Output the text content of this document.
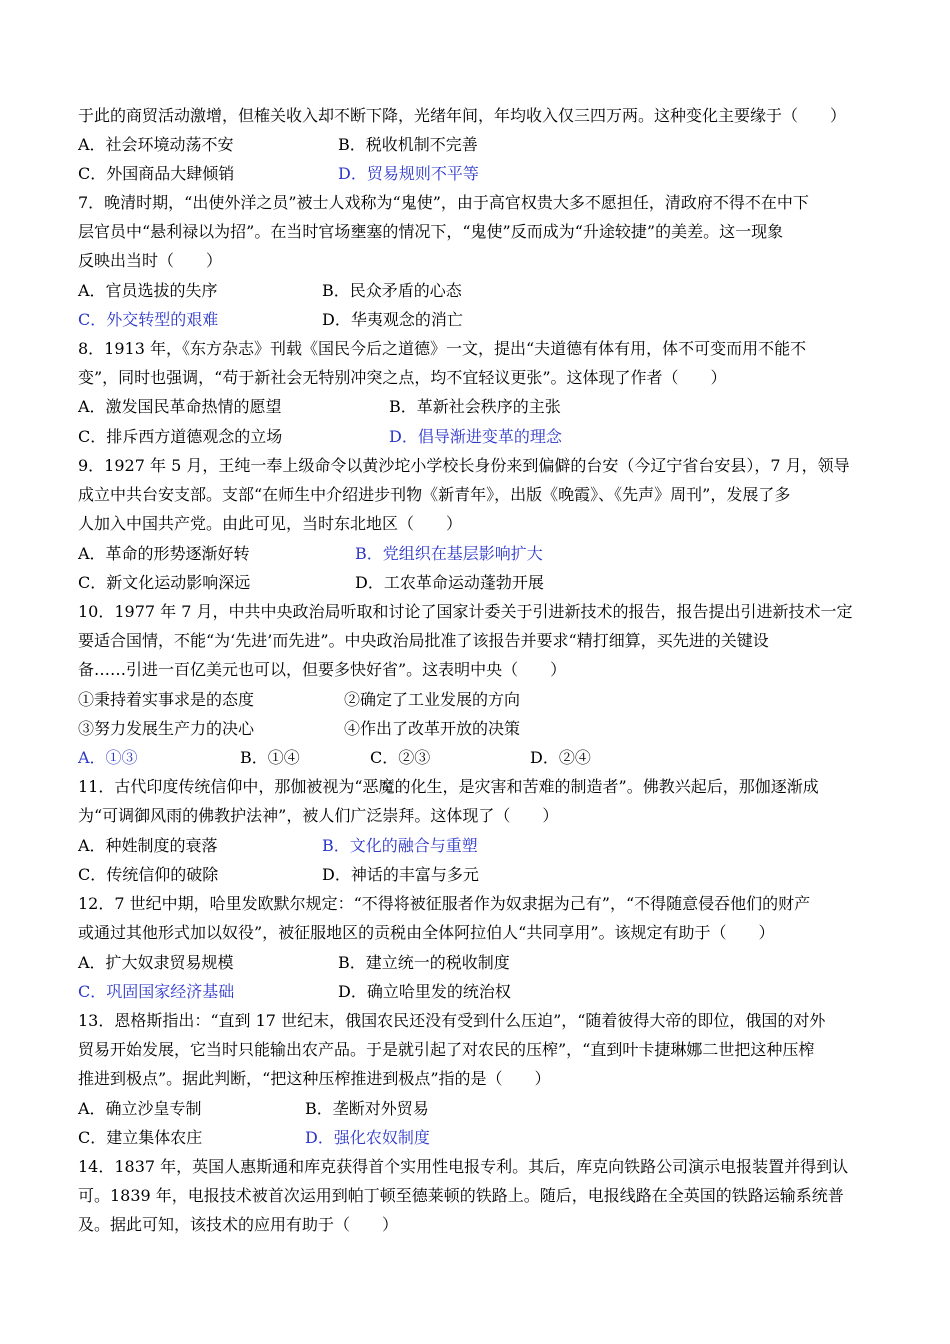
于此的商贸活动激增，但榷关收入却不断下降，光绪年间，年均收入仅三四万两。这种变化主要缘于（　　）
A．社会环境动荡不安	B．税收机制不完善
C．外国商品大肆倾销	D．贸易规则不平等
7．晚清时期，“出使外洋之员”被士人戏称为“鬼使”，由于高官权贵大多不愿担任，清政府不得不在中下
层官员中“悬利禄以为招”。在当时官场壅塞的情况下，“鬼使”反而成为“升途较捷”的美差。这一现象
反映出当时（　　）
A．官员选拔的失序	B．民众矛盾的心态
C．外交转型的艰难	D．华夷观念的消亡
8．1913 年，《东方杂志》刊载《国民今后之道德》一文，提出“夫道德有体有用，体不可变而用不能不
变”，同时也强调，“苟于新社会无特别冲突之点，均不宜轻议更张”。这体现了作者（　　）
A．激发国民革命热情的愿望	B．革新社会秩序的主张
C．排斥西方道德观念的立场	D．倡导渐进变革的理念
9．1927 年 5 月，王纯一奉上级命令以黄沙坨小学校长身份来到偏僻的台安（今辽宁省台安县），7 月，领导
成立中共台安支部。支部“在师生中介绍进步刊物《新青年》，出版《晚霞》、《先声》周刊”，发展了多
人加入中国共产党。由此可见，当时东北地区（　　）
A．革命的形势逐渐好转	B．党组织在基层影响扩大
C．新文化运动影响深远	D．工农革命运动蓬勃开展
10．1977 年 7 月，中共中央政治局听取和讨论了国家计委关于引进新技术的报告，报告提出引进新技术一定
要适合国情，不能“为‘先进’而先进”。中央政治局批准了该报告并要求“精打细算，买先进的关键设
备……引进一百亿美元也可以，但要多快好省”。这表明中央（　　）
①秉持着实事求是的态度	②确定了工业发展的方向
③努力发展生产力的决心	④作出了改革开放的决策
A．①③	B．①④	C．②③	D．②④
11．古代印度传统信仰中，那伽被视为“恶魔的化生，是灾害和苦难的制造者”。佛教兴起后，那伽逐渐成
为“可调御风雨的佛教护法神”，被人们广泛崇拜。这体现了（　　）
A．种姓制度的衰落	B．文化的融合与重塑
C．传统信仰的破除	D．神话的丰富与多元
12．7 世纪中期，哈里发欧默尔规定：“不得将被征服者作为奴隶据为己有”，“不得随意侵吞他们的财产
或通过其他形式加以奴役”，被征服地区的贡税由全体阿拉伯人“共同享用”。该规定有助于（　　）
A．扩大奴隶贸易规模	B．建立统一的税收制度
C．巩固国家经济基础	D．确立哈里发的统治权
13．恩格斯指出：“直到 17 世纪末，俄国农民还没有受到什么压迫”，“随着彼得大帝的即位，俄国的对外
贸易开始发展，它当时只能输出农产品。于是就引起了对农民的压榨”，“直到叶卡捷琳娜二世把这种压榨
推进到极点”。据此判断，“把这种压榨推进到极点”指的是（　　）
A．确立沙皇专制	B．垄断对外贸易
C．建立集体农庄	D．强化农奴制度
14．1837 年，英国人惠斯通和库克获得首个实用性电报专利。其后，库克向铁路公司演示电报装置并得到认
可。1839 年，电报技术被首次运用到帕丁顿至德莱顿的铁路上。随后，电报线路在全英国的铁路运输系统普
及。据此可知，该技术的应用有助于（　　）
